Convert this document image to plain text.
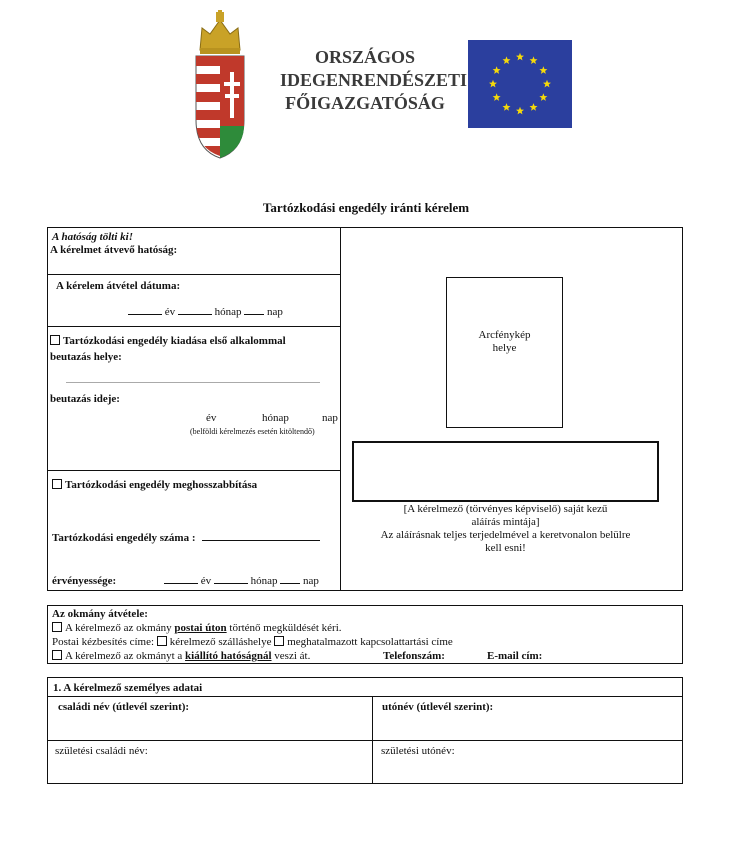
ORSZÁGOS
IDEGENRENDÉSZETI
FŐIGAZGATÓSÁG
Tartózkodási engedély iránti kérelem
A hatóság tölti ki!
A kérelmet átvevő hatóság:
A kérelem átvétel dátuma:
év	hónap nap
Tartózkodási engedély kiadása első alkalommal
beutazás helye:
beutazás ideje:
év	hónap	nap
(belföldi kérelmezés esetén kitöltendő)
Tartózkodási engedély meghosszabbítása
Tartózkodási engedély száma :
érvényessége:	év	hónap nap
Arcfénykép
helye
[A kérelmező (törvényes képviselő) saját kezű
aláírás mintája]
Az aláírásnak teljes terjedelmével a keretvonalon belülre
kell esni!
Az okmány átvétele:
A kérelmező az okmány postai úton történő megküldését kéri.
Postai kézbesítés címe: kérelmező szálláshelye meghatalmazott kapcsolattartási címe
A kérelmező az okmányt a kiállító hatóságnál veszi át.	Telefonszám:	E-mail cím:
1. A kérelmező személyes adatai
családi név (útlevél szerint):	utónév (útlevél szerint):
születési családi név:	születési utónév:
